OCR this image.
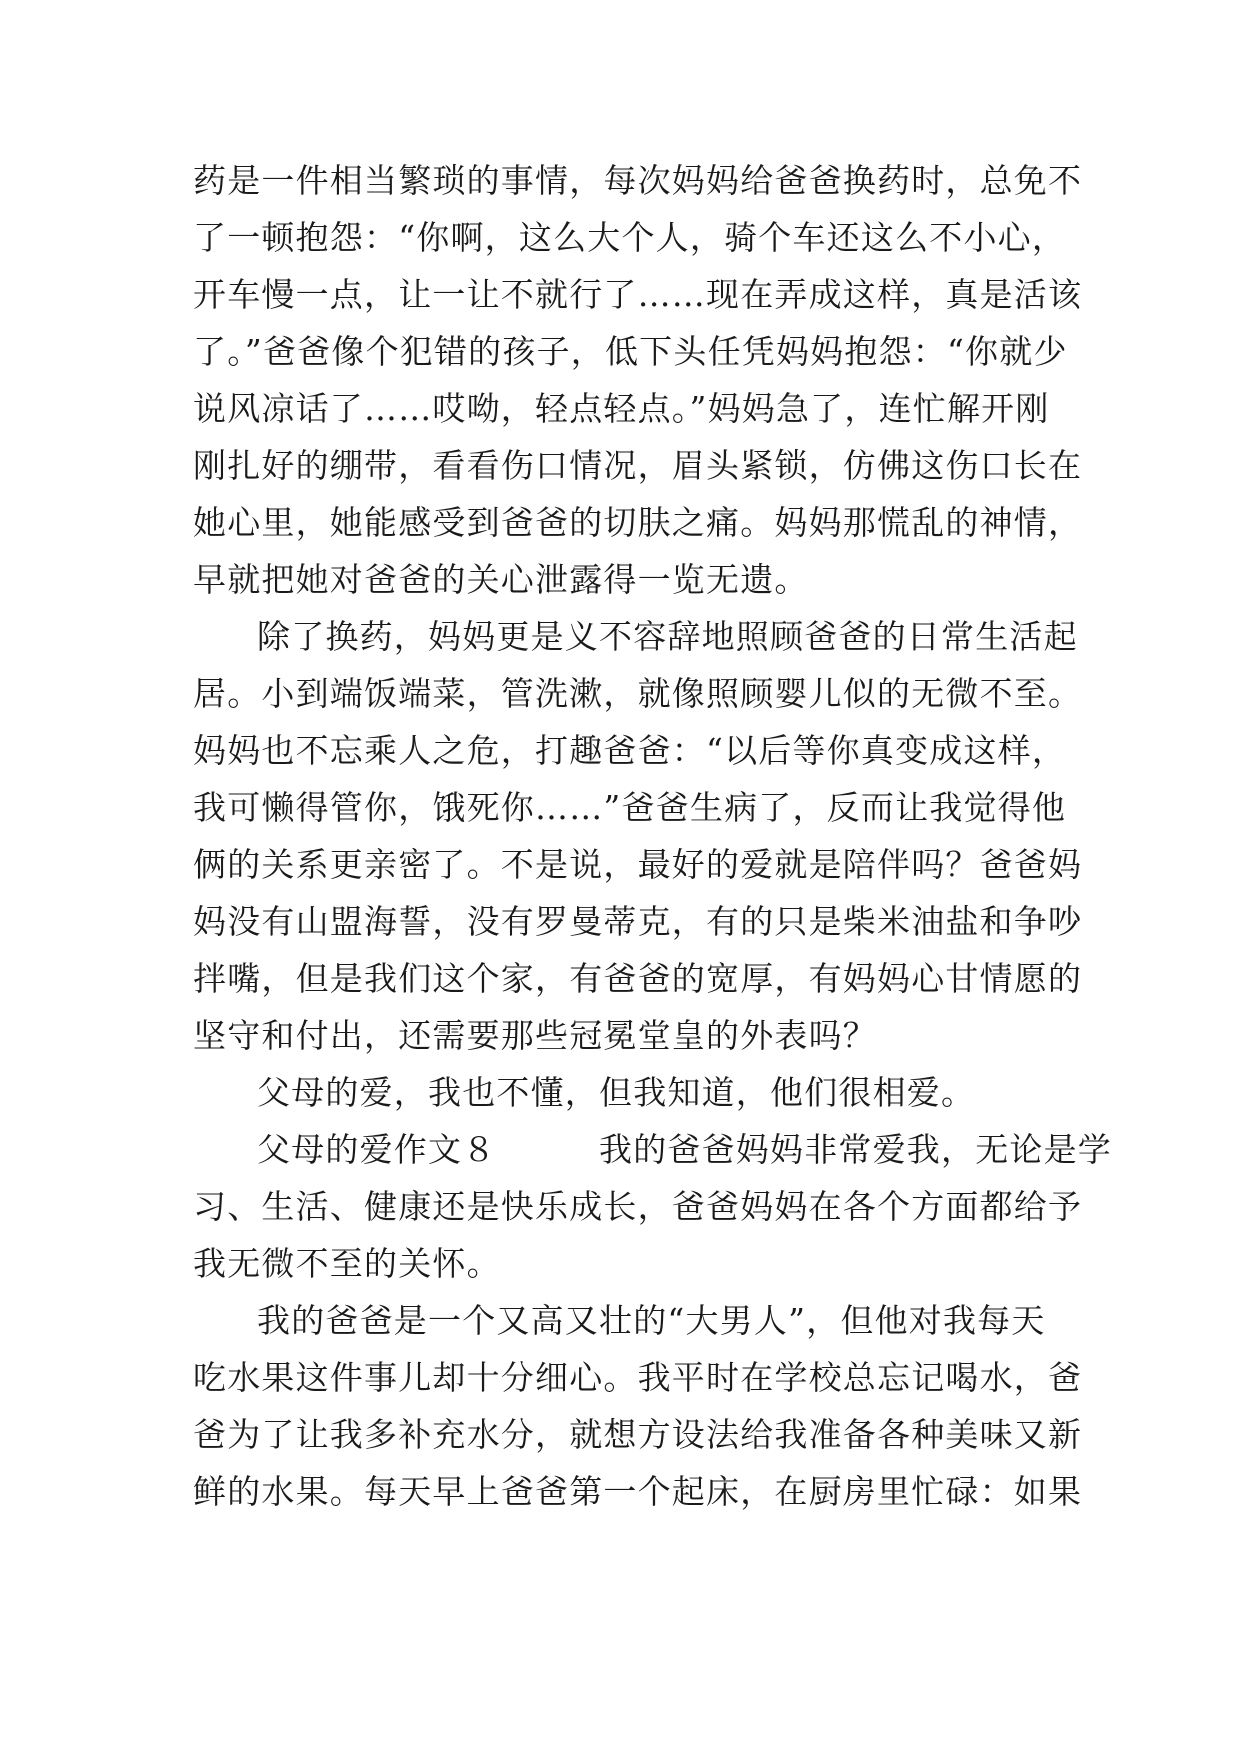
药是一件相当繁琐的事情，每次妈妈给爸爸换药时，总免不
了一顿抱怨：“你啊，这么大个人，骑个车还这么不小心，
开车慢一点，让一让不就行了……现在弄成这样，真是活该
了。”爸爸像个犯错的孩子，低下头任凭妈妈抱怨：“你就少
说风凉话了……哎呦，轻点轻点。”妈妈急了，连忙解开刚
刚扎好的绷带，看看伤口情况，眉头紧锁，仿佛这伤口长在
她心里，她能感受到爸爸的切肤之痛。妈妈那慌乱的神情，
早就把她对爸爸的关心泄露得一览无遗。
除了换药，妈妈更是义不容辞地照顾爸爸的日常生活起
居。小到端饭端菜，管洗漱，就像照顾婴儿似的无微不至。
妈妈也不忘乘人之危，打趣爸爸：“以后等你真变成这样，
我可懒得管你，饿死你……”爸爸生病了，反而让我觉得他
俩的关系更亲密了。不是说，最好的爱就是陪伴吗？爸爸妈
妈没有山盟海誓，没有罗曼蒂克，有的只是柴米油盐和争吵
拌嘴，但是我们这个家，有爸爸的宽厚，有妈妈心甘情愿的
坚守和付出，还需要那些冠冕堂皇的外表吗？
父母的爱，我也不懂，但我知道，他们很相爱。
父母的爱作文８　　　我的爸爸妈妈非常爱我，无论是学
习、生活、健康还是快乐成长，爸爸妈妈在各个方面都给予
我无微不至的关怀。
我的爸爸是一个又高又壮的“大男人”，但他对我每天
吃水果这件事儿却十分细心。我平时在学校总忘记喝水，爸
爸为了让我多补充水分，就想方设法给我准备各种美味又新
鲜的水果。每天早上爸爸第一个起床，在厨房里忙碌：如果
